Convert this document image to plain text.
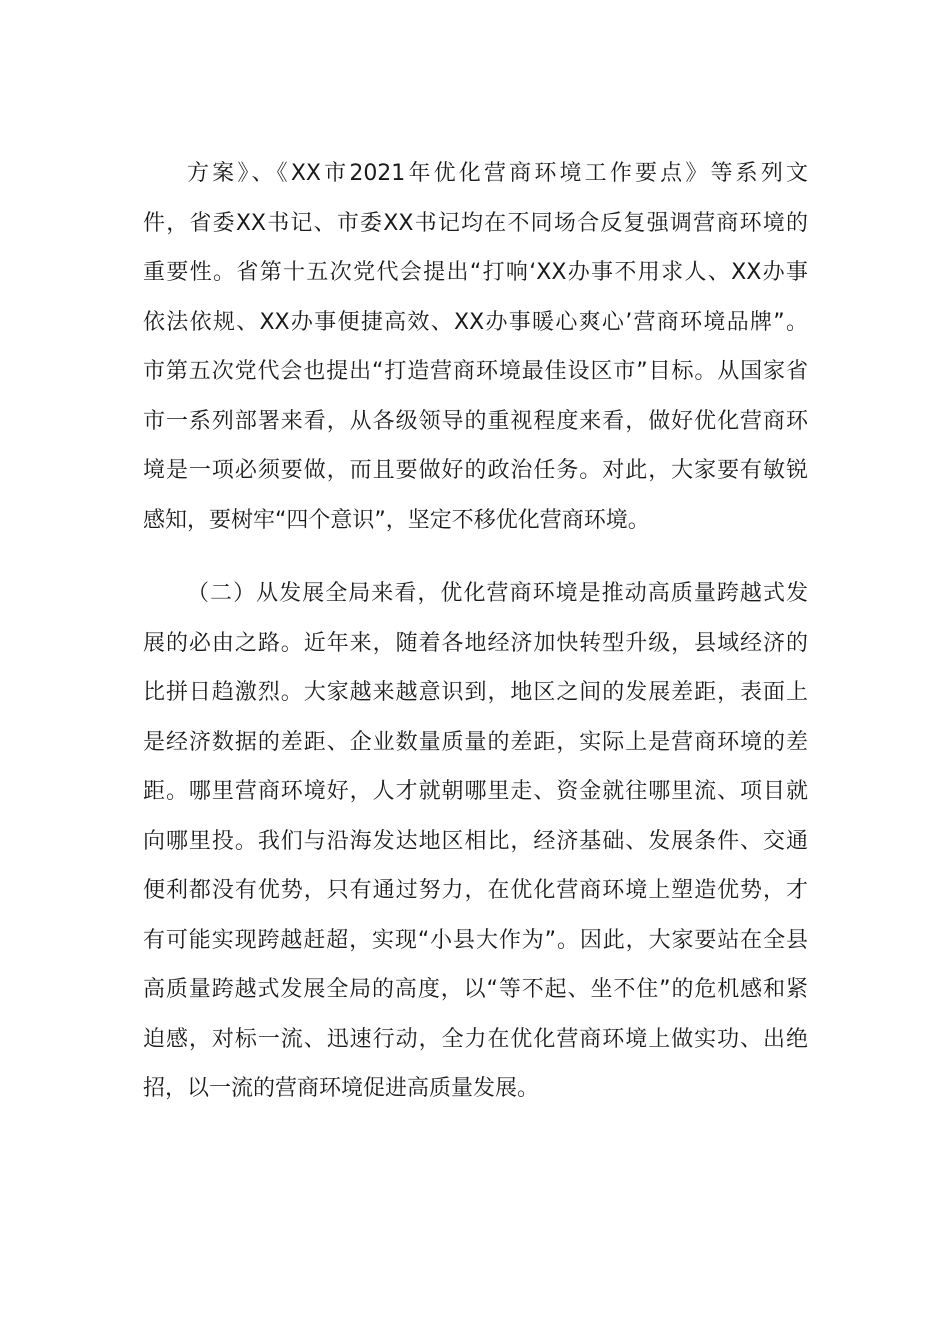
方案》、《XX市2021年优化营商环境工作要点》等系列文
件，省委XX书记、市委XX书记均在不同场合反复强调营商环境的
重要性。省第十五次党代会提出“打响‘XX办事不用求人、XX办事
依法依规、XX办事便捷高效、XX办事暖心爽心’营商环境品牌”。
市第五次党代会也提出“打造营商环境最佳设区市”目标。从国家省
市一系列部署来看，从各级领导的重视程度来看，做好优化营商环
境是一项必须要做，而且要做好的政治任务。对此，大家要有敏锐
感知，要树牢“四个意识”，坚定不移优化营商环境。
（二）从发展全局来看，优化营商环境是推动高质量跨越式发
展的必由之路。近年来，随着各地经济加快转型升级，县域经济的
比拼日趋激烈。大家越来越意识到，地区之间的发展差距，表面上
是经济数据的差距、企业数量质量的差距，实际上是营商环境的差
距。哪里营商环境好，人才就朝哪里走、资金就往哪里流、项目就
向哪里投。我们与沿海发达地区相比，经济基础、发展条件、交通
便利都没有优势，只有通过努力，在优化营商环境上塑造优势，才
有可能实现跨越赶超，实现“小县大作为”。因此，大家要站在全县
高质量跨越式发展全局的高度，以“等不起、坐不住”的危机感和紧
迫感，对标一流、迅速行动，全力在优化营商环境上做实功、出绝
招，以一流的营商环境促进高质量发展。
